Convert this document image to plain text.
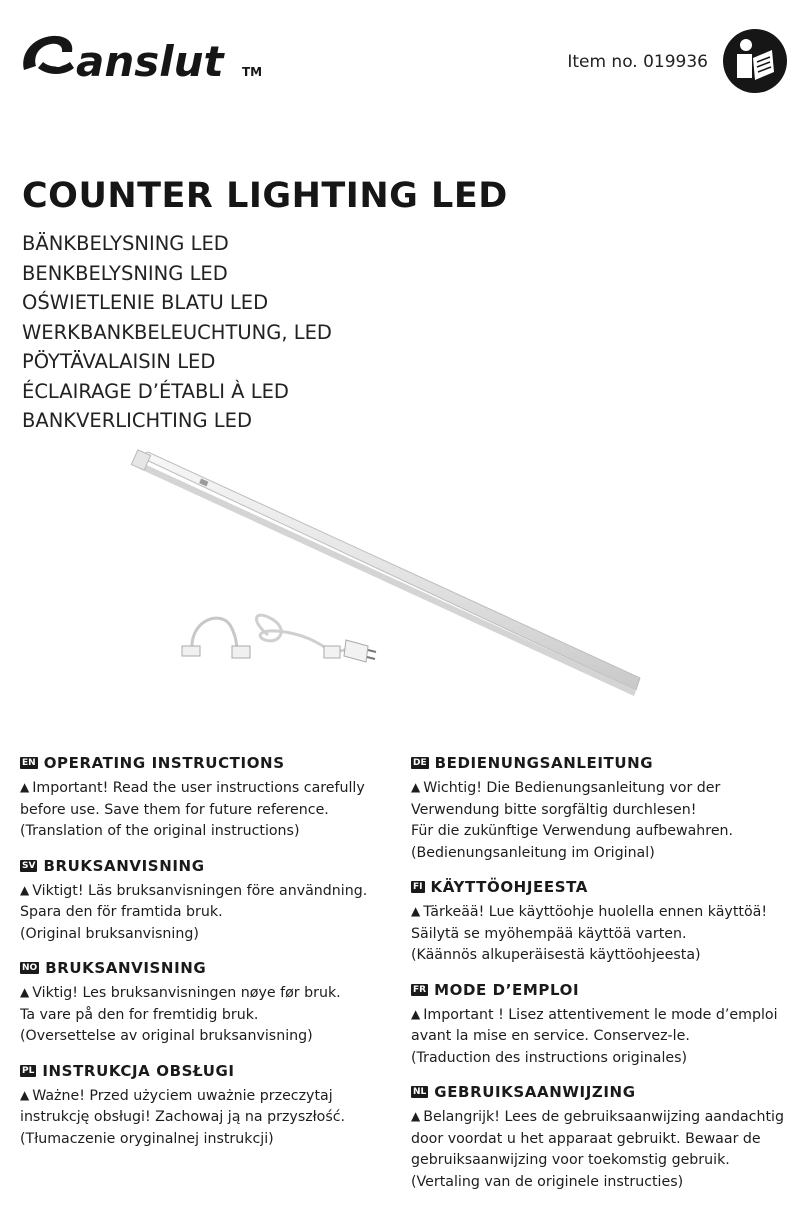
anslut TM	Item no. 019936
COUNTER LIGHTING LED
BÄNKBELYSNING LED
BENKBELYSNING LED
OŚWIETLENIE BLATU LED
WERKBANKBELEUCHTUNG, LED
PÖYTÄVALAISIN LED
ÉCLAIRAGE D’ÉTABLI À LED
BANKVERLICHTING LED
EN OPERATING INSTRUCTIONS
▲ Important! Read the user instructions carefully
before use. Save them for future reference.
(Translation of the original instructions)
SV BRUKSANVISNING
▲ Viktigt! Läs bruksanvisningen före användning.
Spara den för framtida bruk.
(Original bruksanvisning)
NO BRUKSANVISNING
▲ Viktig! Les bruksanvisningen nøye før bruk.
Ta vare på den for fremtidig bruk.
(Oversettelse av original bruksanvisning)
PL INSTRUKCJA OBSŁUGI
▲ Ważne! Przed użyciem uważnie przeczytaj
instrukcję obsługi! Zachowaj ją na przyszłość.
(Tłumaczenie oryginalnej instrukcji)
DE BEDIENUNGSANLEITUNG
▲ Wichtig! Die Bedienungsanleitung vor der
Verwendung bitte sorgfältig durchlesen!
Für die zukünftige Verwendung aufbewahren.
(Bedienungsanleitung im Original)
FI KÄYTTÖOHJEESTA
▲ Tärkeää! Lue käyttöohje huolella ennen käyttöä!
Säilytä se myöhempää käyttöä varten.
(Käännös alkuperäisestä käyttöohjeesta)
FR MODE D’EMPLOI
▲ Important ! Lisez attentivement le mode d’emploi
avant la mise en service. Conservez-le.
(Traduction des instructions originales)
NL GEBRUIKSAANWIJZING
▲ Belangrijk! Lees de gebruiksaanwijzing aandachtig
door voordat u het apparaat gebruikt. Bewaar de
gebruiksaanwijzing voor toekomstig gebruik.
(Vertaling van de originele instructies)
